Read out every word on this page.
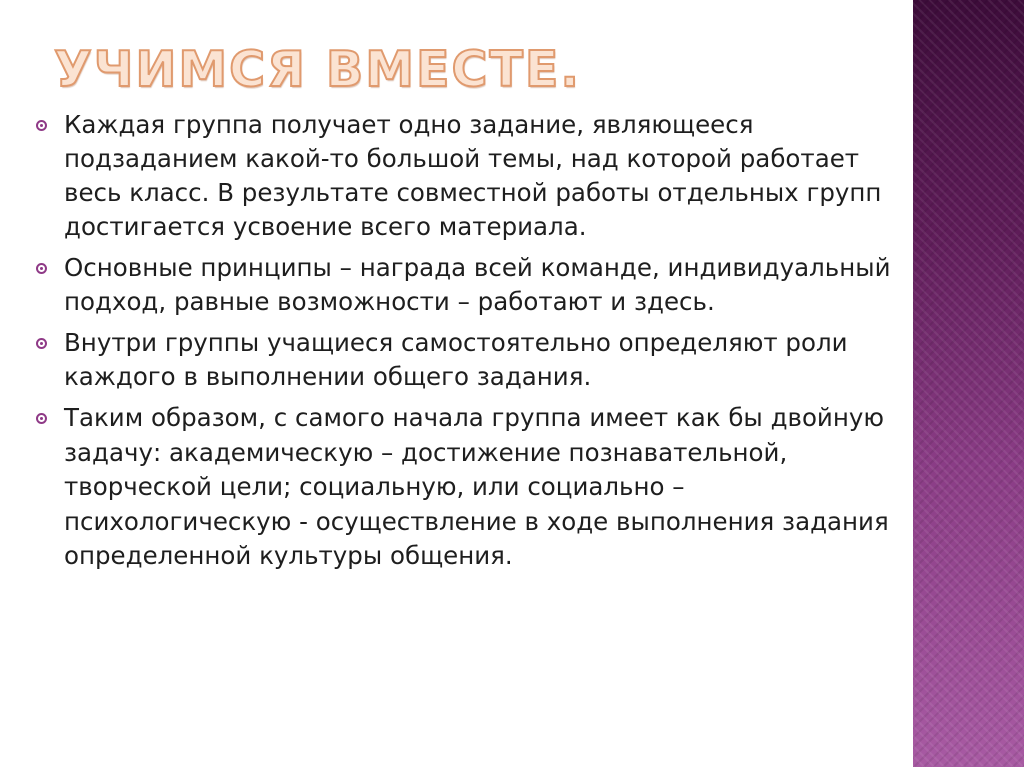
УЧИМСЯ ВМЕСТЕ.
Каждая группа получает одно задание, являющееся подзаданием какой-то большой темы, над которой работает весь класс. В результате совместной работы отдельных групп достигается усвоение всего материала.
Основные принципы – награда всей команде, индивидуальный подход, равные возможности – работают и здесь.
Внутри группы учащиеся самостоятельно определяют роли каждого в выполнении общего задания.
Таким образом, с самого начала группа имеет как бы двойную задачу: академическую – достижение познавательной, творческой цели; социальную, или социально – психологическую - осуществление в ходе выполнения задания определенной культуры общения.
